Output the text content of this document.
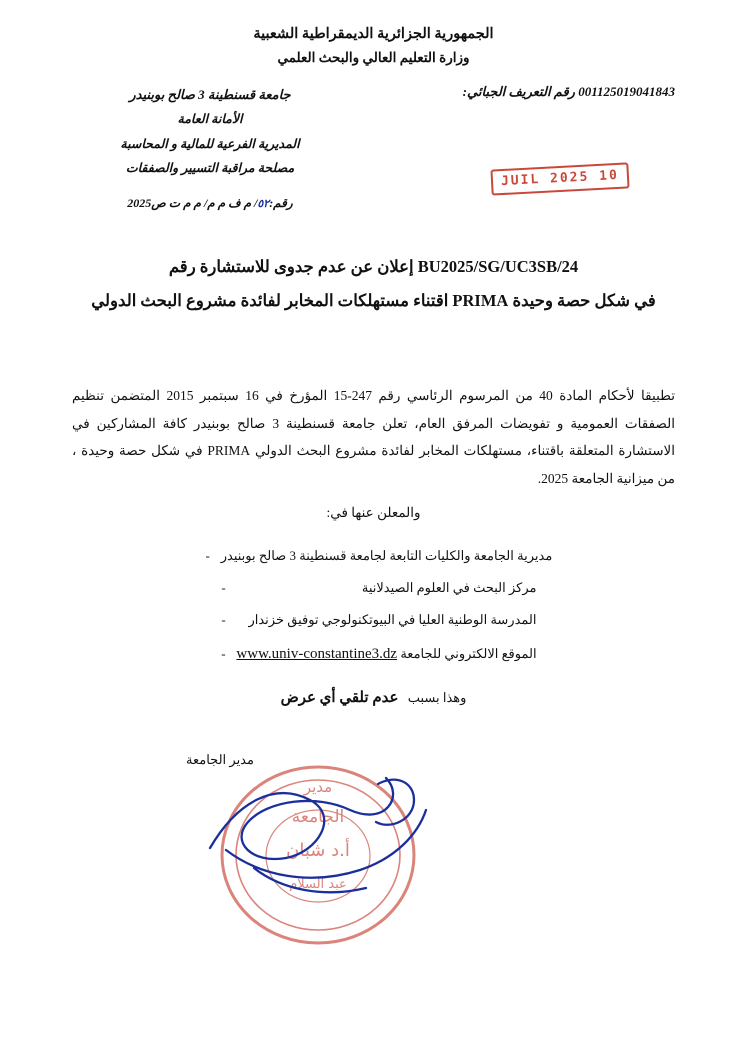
الجمهورية الجزائرية الديمقراطية الشعبية
وزارة التعليم العالي والبحث العلمي
001125019041843 رقم التعريف الجبائي:
جامعة قسنطينة 3 صالح بوبنيدر
الأمانة العامة
المديرية الفرعية للمالية و المحاسبة
مصلحة مراقبة التسيير والصفقات
رقم:٥٢/ م ف م م/ م م ت ص2025
10 JUIL 2025
BU2025/SG/UC3SB/24 إعلان عن عدم جدوى للاستشارة رقم
في شكل حصة وحيدة PRIMA اقتناء مستهلكات المخابر لفائدة مشروع البحث الدولي
تطبيقا لأحكام المادة 40 من المرسوم الرئاسي رقم 247-15 المؤرخ في 16 سبتمبر 2015 المتضمن تنظيم الصفقات العمومية و تفويضات المرفق العام، تعلن جامعة قسنطينة 3 صالح بوبنيدر كافة المشاركين في الاستشارة المتعلقة باقتناء، مستهلكات المخابر لفائدة مشروع البحث الدولي PRIMA في شكل حصة وحيدة ، من ميزانية الجامعة 2025.
والمعلن عنها في:
مديرية الجامعة والكليات التابعة لجامعة قسنطينة 3 صالح بوبنيدر
-
مركز البحث في العلوم الصيدلانية
-
المدرسة الوطنية العليا في البيوتكنولوجي توفيق خزندار
-
الموقع الالكتروني للجامعة www.univ-constantine3.dz
-
وهذا بسبب عدم تلقي أي عرض
مدير الجامعة
مدير
الجامعة
أ.د شبان
عبد السلام
